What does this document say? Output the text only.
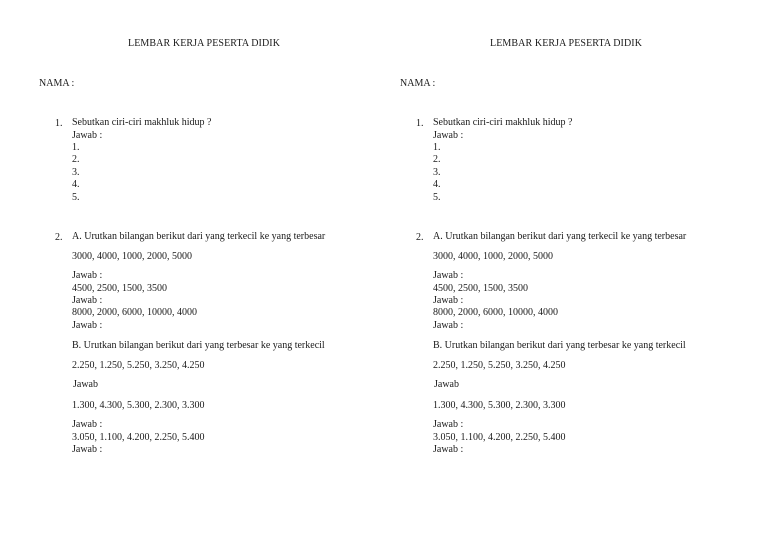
LEMBAR KERJA PESERTA DIDIK
NAMA :
1. Sebutkan ciri-ciri makhluk hidup ?
Jawab :
1.
2.
3.
4.
5.
2. A. Urutkan bilangan berikut dari yang terkecil ke yang terbesar
3000, 4000, 1000, 2000, 5000
Jawab :
4500, 2500, 1500, 3500
Jawab :
8000, 2000, 6000, 10000, 4000
Jawab :
B. Urutkan bilangan berikut dari yang terbesar ke yang terkecil
2.250, 1.250, 5.250, 3.250, 4.250
Jawab
1.300, 4.300, 5.300, 2.300, 3.300
Jawab :
3.050, 1.100, 4.200, 2.250, 5.400
Jawab :
LEMBAR KERJA PESERTA DIDIK
NAMA :
1. Sebutkan ciri-ciri makhluk hidup ?
Jawab :
1.
2.
3.
4.
5.
2. A. Urutkan bilangan berikut dari yang terkecil ke yang terbesar
3000, 4000, 1000, 2000, 5000
Jawab :
4500, 2500, 1500, 3500
Jawab :
8000, 2000, 6000, 10000, 4000
Jawab :
B. Urutkan bilangan berikut dari yang terbesar ke yang terkecil
2.250, 1.250, 5.250, 3.250, 4.250
Jawab
1.300, 4.300, 5.300, 2.300, 3.300
Jawab :
3.050, 1.100, 4.200, 2.250, 5.400
Jawab :
